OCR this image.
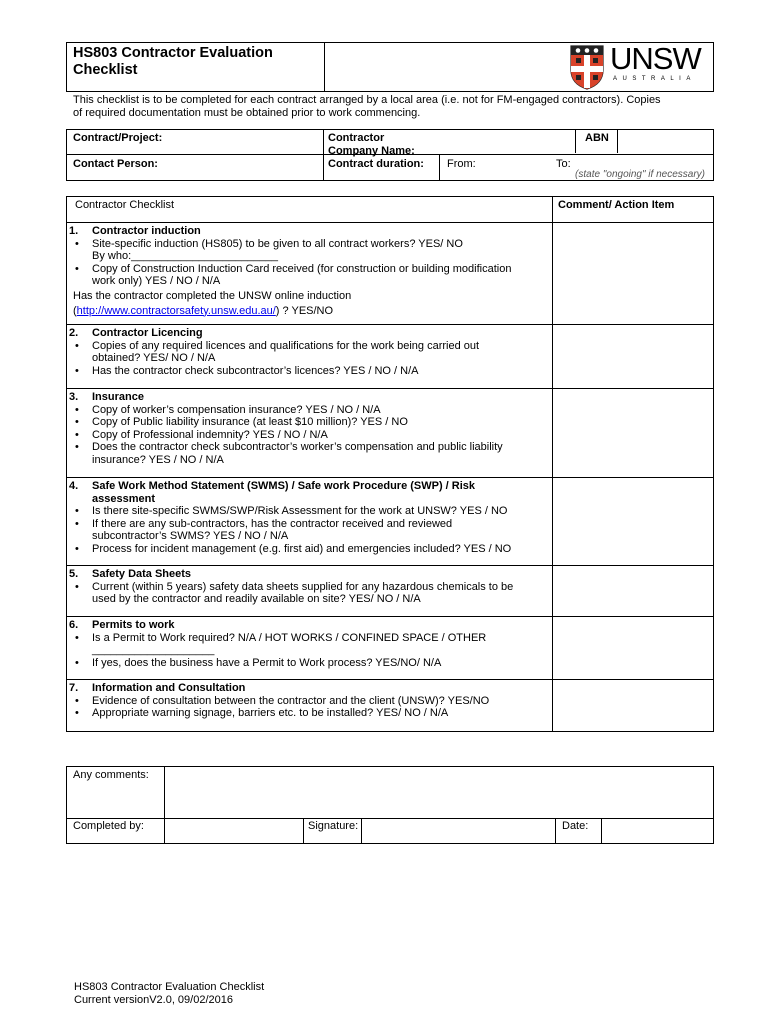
HS803 Contractor Evaluation
Checklist	UNSW
AUSTRALIA
This checklist is to be completed for each contract arranged by a local area (i.e. not for FM-engaged contractors). Copies
of required documentation must be obtained prior to work commencing.
Contract/Project:	Contractor
Company Name:
ABN
Contact Person:	Contract duration: From:	To:
(state "ongoing" if necessary)
Contractor Checklist	Comment/ Action Item
1. Contractor induction
• Site-specific induction (HS805) to be given to all contract workers? YES/ NO
By who:________________________
• Copy of Construction Induction Card received (for construction or building modification
work only) YES / NO / N/A
Has the contractor completed the UNSW online induction
(http://www.contractorsafety.unsw.edu.au/) ? YES/NO
2. Contractor Licencing
• Copies of any required licences and qualifications for the work being carried out
obtained? YES/ NO / N/A
• Has the contractor check subcontractor’s licences? YES / NO / N/A
3. Insurance
• Copy of worker’s compensation insurance? YES / NO / N/A
• Copy of Public liability insurance (at least $10 million)? YES / NO
• Copy of Professional indemnity? YES / NO / N/A
• Does the contractor check subcontractor’s worker’s compensation and public liability
insurance? YES / NO / N/A
4. Safe Work Method Statement (SWMS) / Safe work Procedure (SWP) / Risk
assessment
• Is there site-specific SWMS/SWP/Risk Assessment for the work at UNSW? YES / NO
• If there are any sub-contractors, has the contractor received and reviewed
subcontractor’s SWMS? YES / NO / N/A
• Process for incident management (e.g. first aid) and emergencies included? YES / NO
5. Safety Data Sheets
• Current (within 5 years) safety data sheets supplied for any hazardous chemicals to be
used by the contractor and readily available on site? YES/ NO / N/A
6. Permits to work
• Is a Permit to Work required? N/A / HOT WORKS / CONFINED SPACE / OTHER
____________________
• If yes, does the business have a Permit to Work process? YES/NO/ N/A
7. Information and Consultation
• Evidence of consultation between the contractor and the client (UNSW)? YES/NO
• Appropriate warning signage, barriers etc. to be installed? YES/ NO / N/A
Any comments:
Completed by:	Signature:	Date:
HS803 Contractor Evaluation Checklist
Current versionV2.0, 09/02/2016
